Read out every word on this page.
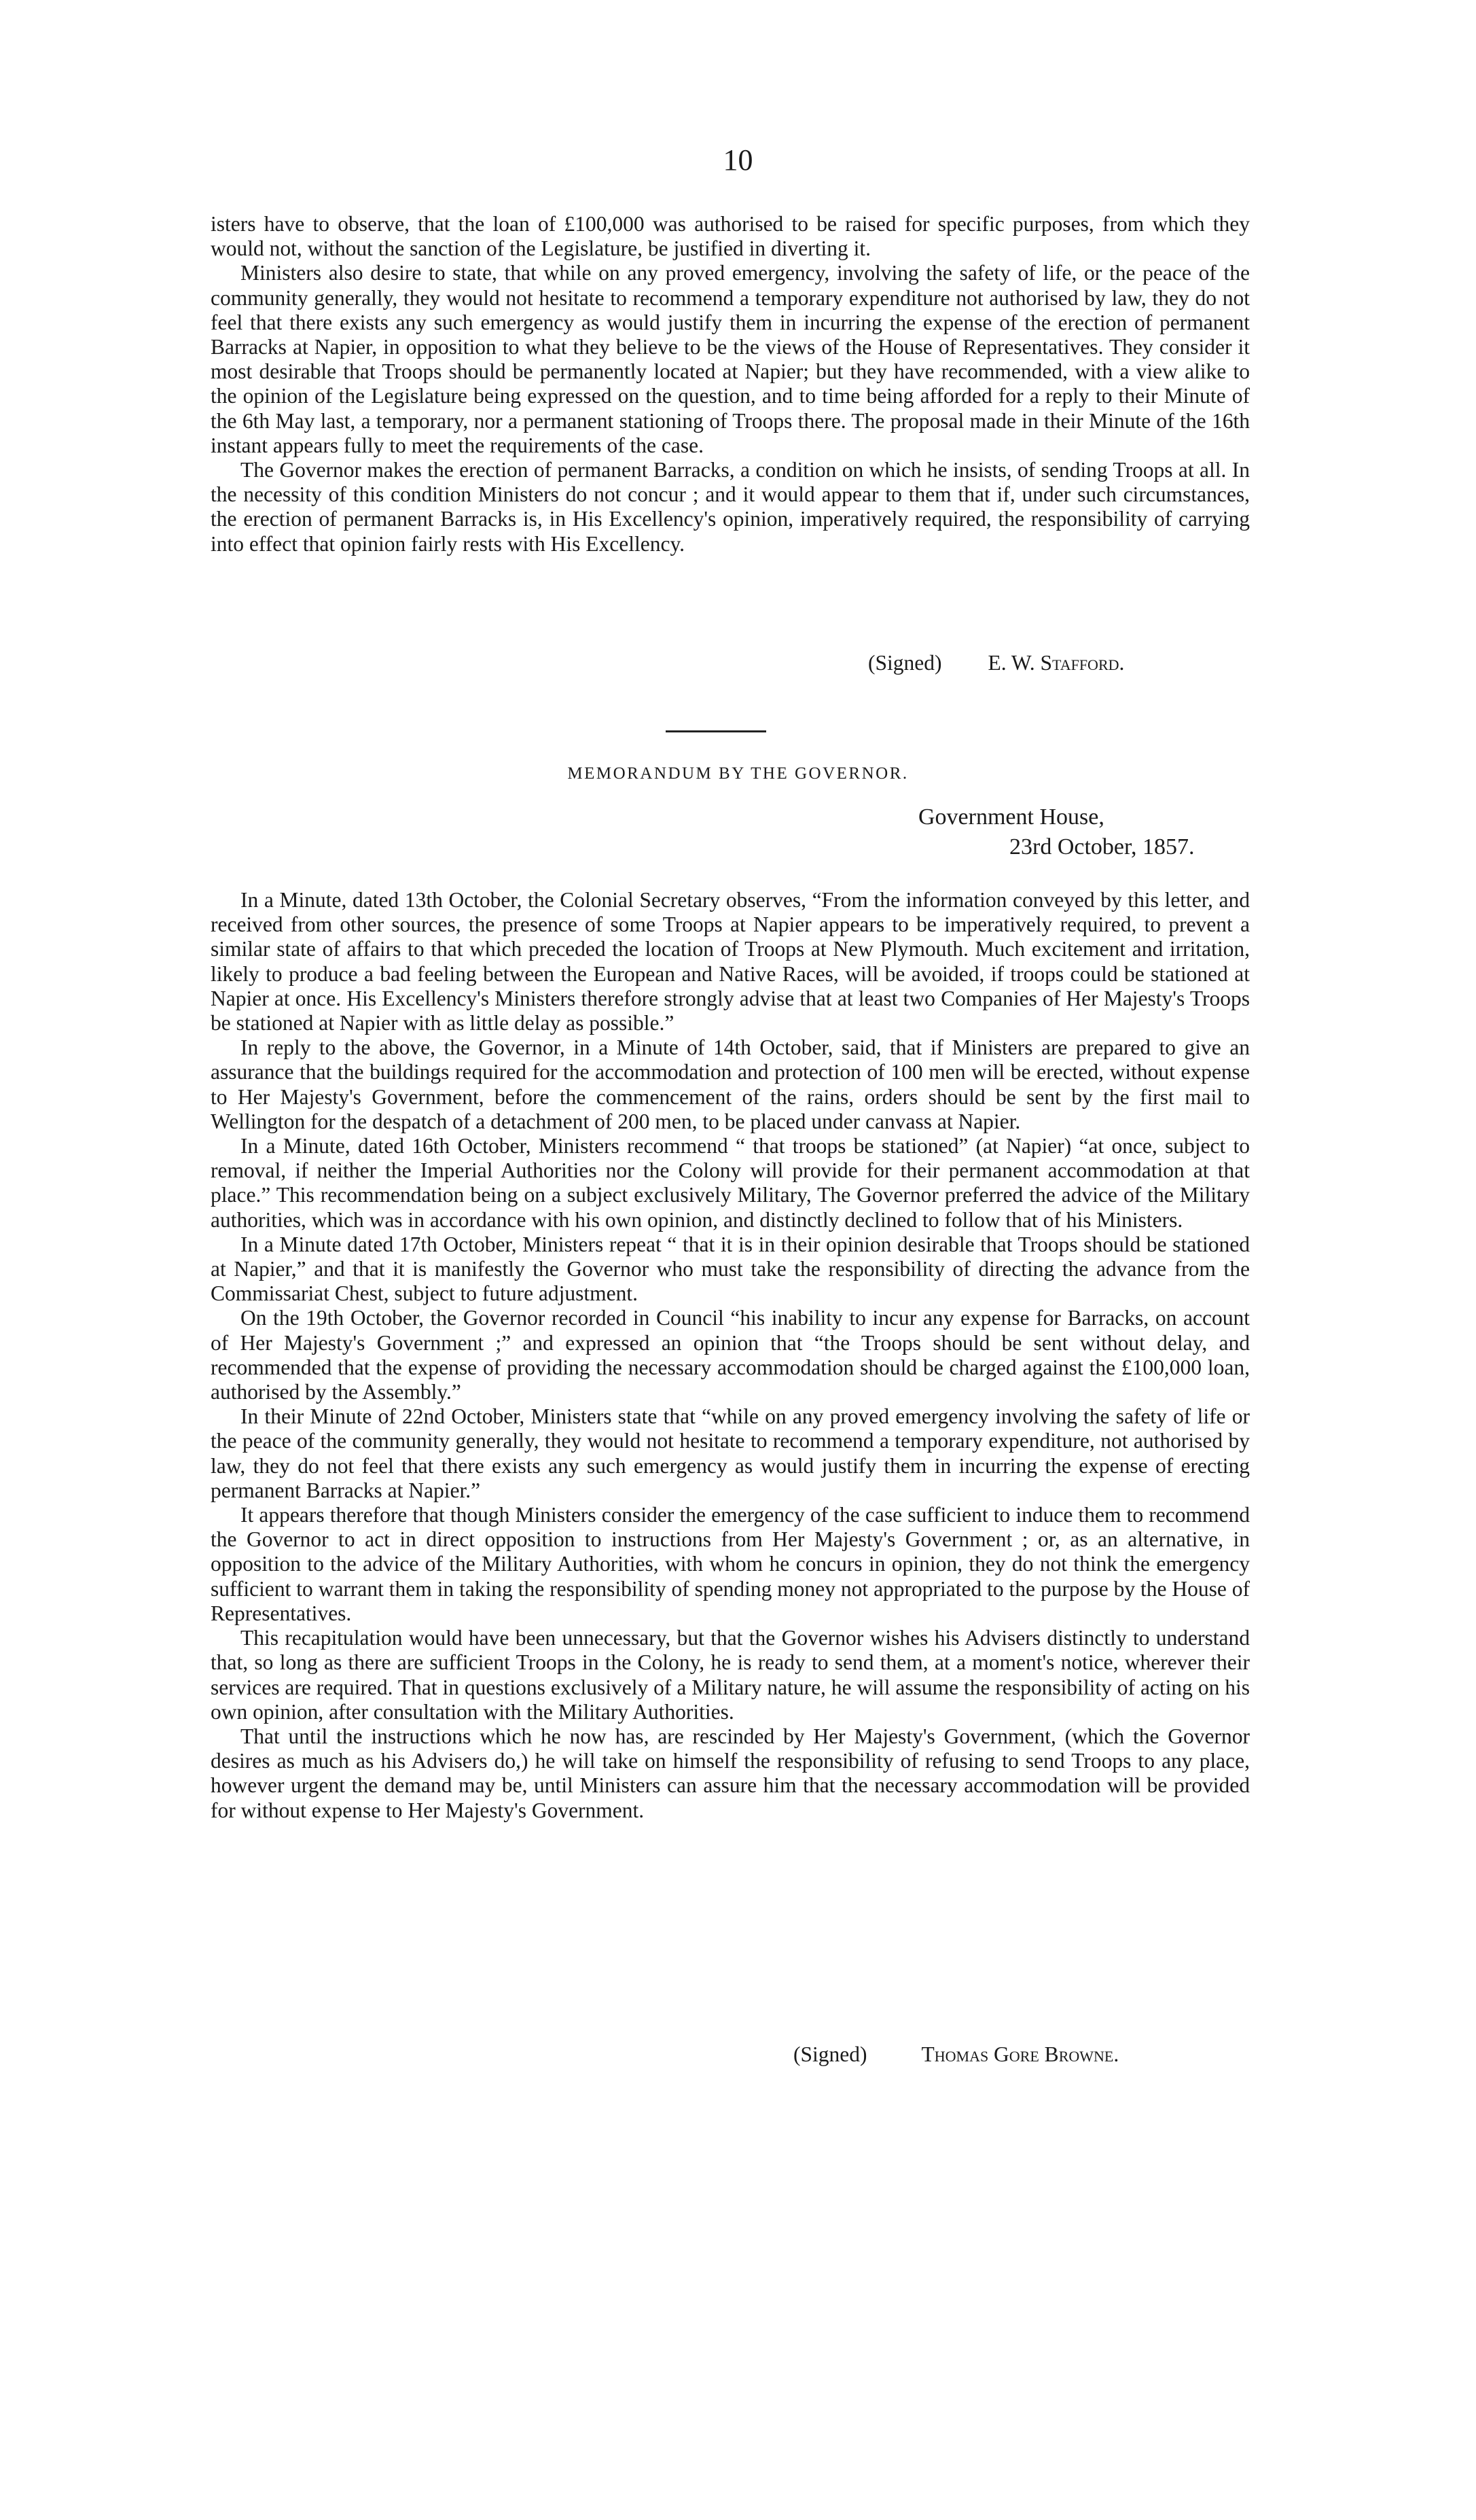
10

isters have to observe, that the loan of £100,000 was authorised to be raised for specific purposes, from which they would not, without the sanction of the Legislature, be justified in diverting it.

Ministers also desire to state, that while on any proved emergency, involving the safety of life, or the peace of the community generally, they would not hesitate to recommend a temporary expenditure not authorised by law, they do not feel that there exists any such emergency as would justify them in incurring the expense of the erection of permanent Barracks at Napier, in opposition to what they believe to be the views of the House of Representatives. They consider it most desirable that Troops should be permanently located at Napier; but they have recommended, with a view alike to the opinion of the Legislature being expressed on the question, and to time being afforded for a reply to their Minute of the 6th May last, a temporary, nor a permanent stationing of Troops there. The proposal made in their Minute of the 16th instant appears fully to meet the requirements of the case.

The Governor makes the erection of permanent Barracks, a condition on which he insists, of sending Troops at all. In the necessity of this condition Ministers do not concur ; and it would appear to them that if, under such circumstances, the erection of permanent Barracks is, in His Excellency's opinion, imperatively required, the responsibility of carrying into effect that opinion fairly rests with His Excellency.

(Signed) E. W. Stafford.
MEMORANDUM BY THE GOVERNOR.
Government House,
23rd October, 1857.

In a Minute, dated 13th October, the Colonial Secretary observes, “From the information conveyed by this letter, and received from other sources, the presence of some Troops at Napier appears to be imperatively required, to prevent a similar state of affairs to that which preceded the location of Troops at New Plymouth. Much excitement and irritation, likely to produce a bad feeling between the European and Native Races, will be avoided, if troops could be stationed at Napier at once. His Excellency's Ministers therefore strongly advise that at least two Companies of Her Majesty's Troops be stationed at Napier with as little delay as possible.”

In reply to the above, the Governor, in a Minute of 14th October, said, that if Ministers are prepared to give an assurance that the buildings required for the accommodation and protection of 100 men will be erected, without expense to Her Majesty's Government, before the commencement of the rains, orders should be sent by the first mail to Wellington for the despatch of a detachment of 200 men, to be placed under canvass at Napier.

In a Minute, dated 16th October, Ministers recommend “ that troops be stationed” (at Napier) “at once, subject to removal, if neither the Imperial Authorities nor the Colony will provide for their permanent accommodation at that place.” This recommendation being on a subject exclusively Military, The Governor preferred the advice of the Military authorities, which was in accordance with his own opinion, and distinctly declined to follow that of his Ministers.

In a Minute dated 17th October, Ministers repeat “ that it is in their opinion desirable that Troops should be stationed at Napier,” and that it is manifestly the Governor who must take the responsibility of directing the advance from the Commissariat Chest, subject to future adjustment.

On the 19th October, the Governor recorded in Council “his inability to incur any expense for Barracks, on account of Her Majesty's Government ;” and expressed an opinion that “the Troops should be sent without delay, and recommended that the expense of providing the necessary accommodation should be charged against the £100,000 loan, authorised by the Assembly.”

In their Minute of 22nd October, Ministers state that “while on any proved emergency involving the safety of life or the peace of the community generally, they would not hesitate to recommend a temporary expenditure, not authorised by law, they do not feel that there exists any such emergency as would justify them in incurring the expense of erecting permanent Barracks at Napier.”

It appears therefore that though Ministers consider the emergency of the case sufficient to induce them to recommend the Governor to act in direct opposition to instructions from Her Majesty's Government ; or, as an alternative, in opposition to the advice of the Military Authorities, with whom he concurs in opinion, they do not think the emergency sufficient to warrant them in taking the responsibility of spending money not appropriated to the purpose by the House of Representatives.

This recapitulation would have been unnecessary, but that the Governor wishes his Advisers distinctly to understand that, so long as there are sufficient Troops in the Colony, he is ready to send them, at a moment's notice, wherever their services are required. That in questions exclusively of a Military nature, he will assume the responsibility of acting on his own opinion, after consultation with the Military Authorities.

That until the instructions which he now has, are rescinded by Her Majesty's Government, (which the Governor desires as much as his Advisers do,) he will take on himself the responsibility of refusing to send Troops to any place, however urgent the demand may be, until Ministers can assure him that the necessary accommodation will be provided for without expense to Her Majesty's Government.

(Signed)	Thomas Gore Browne.
